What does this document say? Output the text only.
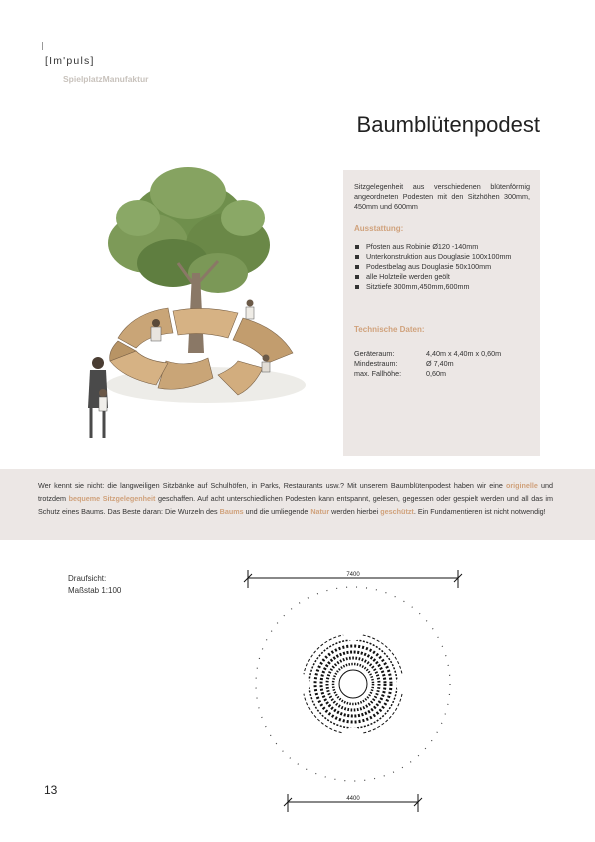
[Im'puls]
SpielplatzManufaktur
Baumblütenpodest
Sitzgelegenheit aus verschiedenen blütenförmig angeordneten Podesten mit den Sitzhöhen 300mm, 450mm und 600mm
Ausstattung:
Pfosten aus Robinie Ø120 -140mm
Unterkonstruktion aus Douglasie 100x100mm
Podestbelag aus Douglasie 50x100mm
alle Holzteile werden geölt
Sitztiefe 300mm,450mm,600mm
Technische Daten:
Geräteraum:	4,40m x 4,40m x 0,60m
Mindestraum:	Ø 7,40m
max. Fallhöhe:	0,60m
Wer kennt sie nicht: die langweiligen Sitzbänke auf Schulhöfen, in Parks, Restaurants usw.? Mit unserem Baumblütenpodest haben wir eine originelle und trotzdem bequeme Sitzgelegenheit geschaffen. Auf acht unterschiedlichen Podesten kann entspannt, gelesen, gegessen oder gespielt werden und all das im Schutz eines Baums. Das Beste daran: Die Wurzeln des Baums und die umliegende Natur werden hierbei geschützt. Ein Fundamentieren ist nicht notwendig!
Draufsicht:
Maßstab 1:100
7400
4400
13
